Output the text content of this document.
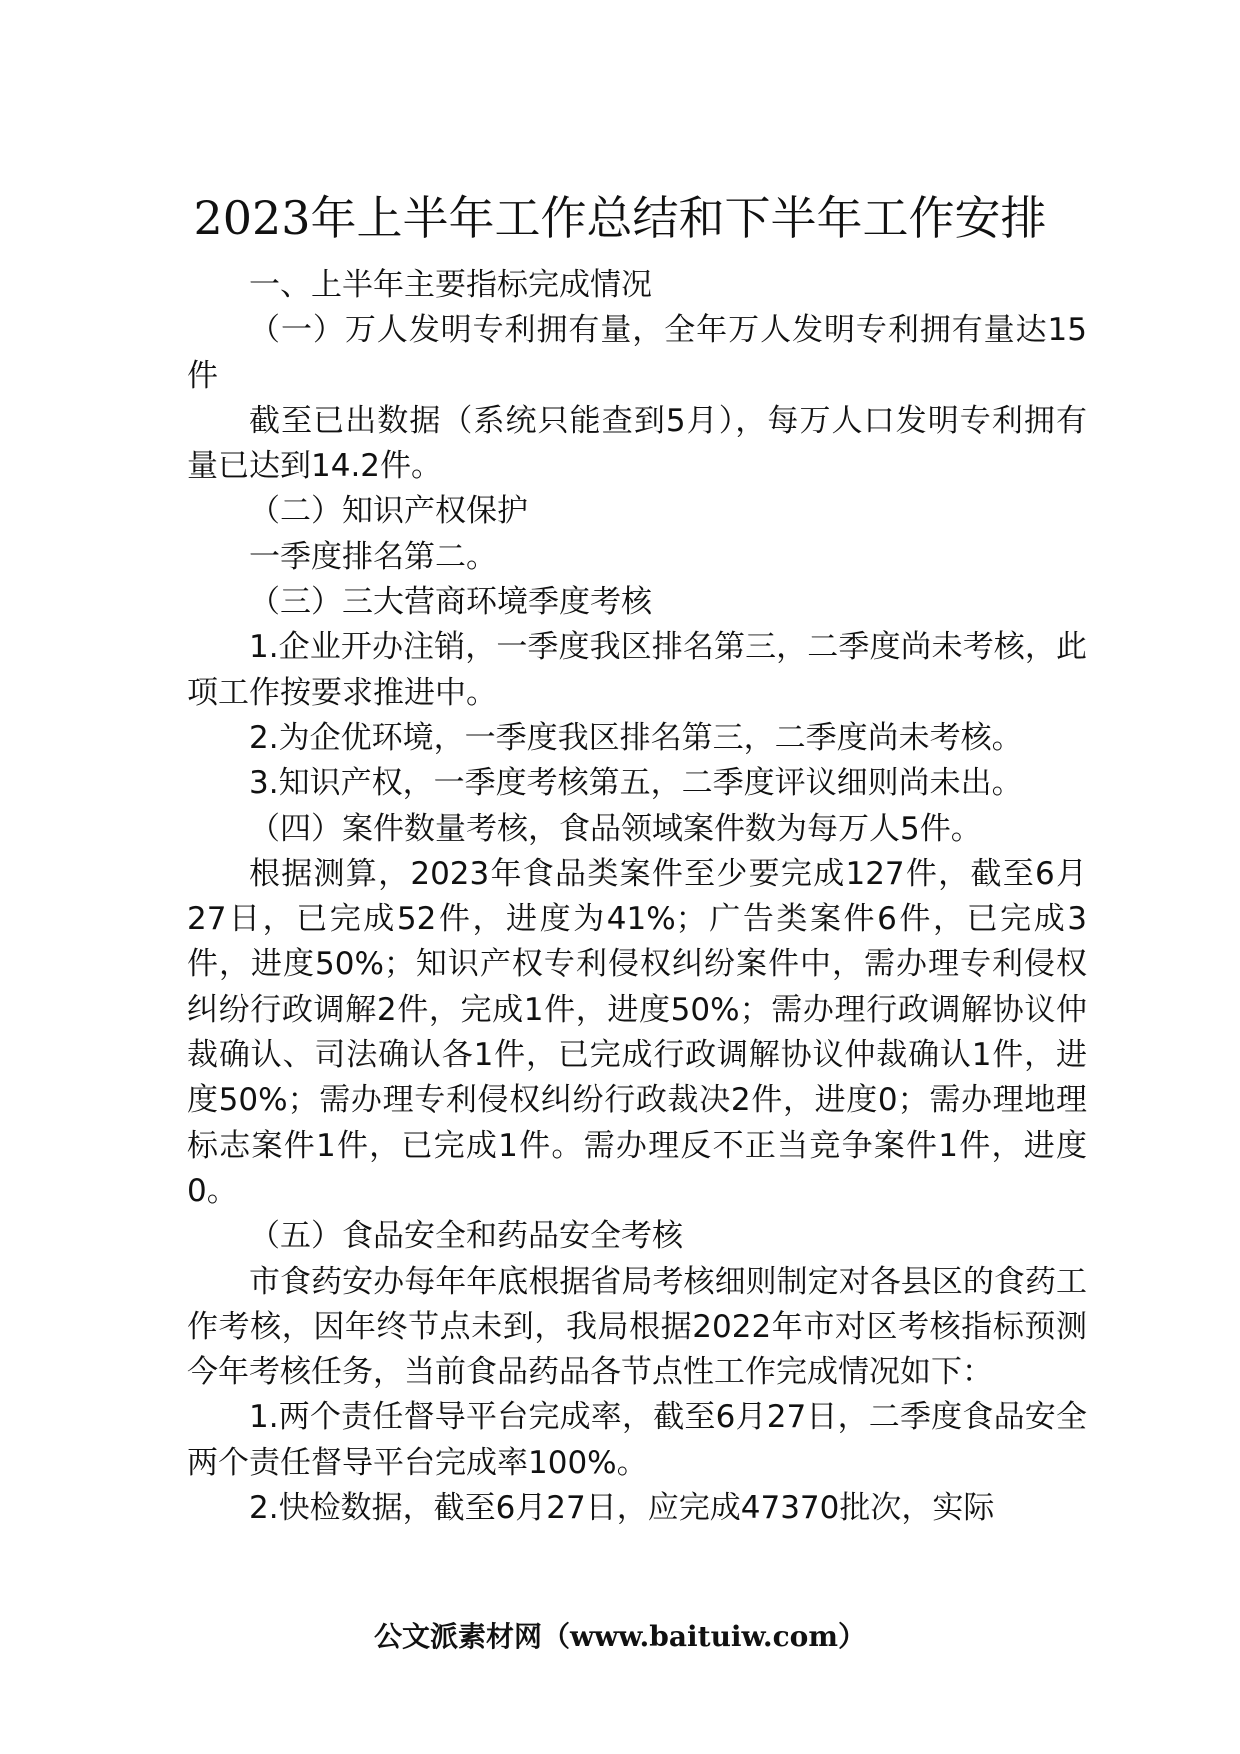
2023年上半年工作总结和下半年工作安排

一、上半年主要指标完成情况

（一）万人发明专利拥有量，全年万人发明专利拥有量达15件

截至已出数据（系统只能查到5月），每万人口发明专利拥有量已达到14.2件。

（二）知识产权保护

一季度排名第二。

（三）三大营商环境季度考核

1.企业开办注销，一季度我区排名第三，二季度尚未考核，此项工作按要求推进中。

2.为企优环境，一季度我区排名第三，二季度尚未考核。

3.知识产权，一季度考核第五，二季度评议细则尚未出。

（四）案件数量考核，食品领域案件数为每万人5件。

根据测算，2023年食品类案件至少要完成127件，截至6月27日，已完成52件，进度为41%；广告类案件6件，已完成3件，进度50%；知识产权专利侵权纠纷案件中，需办理专利侵权纠纷行政调解2件，完成1件，进度50%；需办理行政调解协议仲裁确认、司法确认各1件，已完成行政调解协议仲裁确认1件，进度50%；需办理专利侵权纠纷行政裁决2件，进度0；需办理地理标志案件1件，已完成1件。需办理反不正当竞争案件1件，进度0。

（五）食品安全和药品安全考核

市食药安办每年年底根据省局考核细则制定对各县区的食药工作考核，因年终节点未到，我局根据2022年市对区考核指标预测今年考核任务，当前食品药品各节点性工作完成情况如下：

1.两个责任督导平台完成率，截至6月27日，二季度食品安全两个责任督导平台完成率100%。

2.快检数据，截至6月27日，应完成47370批次，实际

公文派素材网（www.baituiw.com）
